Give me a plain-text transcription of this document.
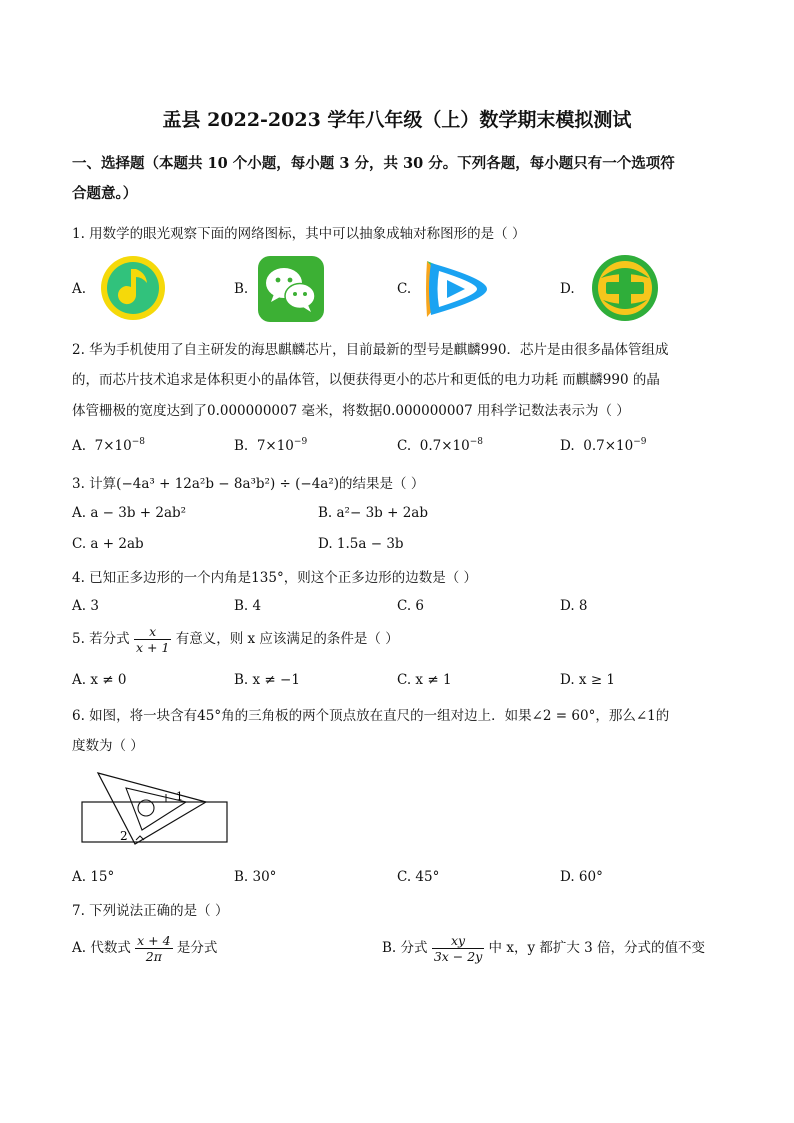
盂县 2022-2023 学年八年级（上）数学期末模拟测试
一、选择题（本题共 10 个小题，每小题 3 分，共 30 分。下列各题，每小题只有一个选项符
合题意。）
1. 用数学的眼光观察下面的网络图标，其中可以抽象成轴对称图形的是（ ）
A.	B.	C.	D.
2. 华为手机使用了自主研发的海思麒麟芯片，目前最新的型号是麒麟990．芯片是由很多晶体管组成
的，而芯片技术追求是体积更小的晶体管，以便获得更小的芯片和更低的电力功耗 而麒麟990 的晶
体管栅极的宽度达到了0.000000007 毫米，将数据0.000000007 用科学记数法表示为（ ）
A. $7\times 10^{-8}$	B. $7\times 10^{-9}$	C. $0.7\times 10^{-8}$	D. $0.7\times 10^{-9}$
3. 计算(−4a³ + 12a²b − 8a³b²) ÷ (−4a²)的结果是（ ）
A. a − 3b + 2ab²	B. a²− 3b + 2ab
C. a + 2ab	D. 1.5a − 3b
4. 已知正多边形的一个内角是135°，则这个正多边形的边数是（ ）
A. 3	B. 4	C. 6	D. 8
5. 若分式 $\frac{x}{x + 1}$ 有意义，则 x 应该满足的条件是（ ）
A. x ≠ 0	B. x ≠ −1	C. x ≠ 1	D. x ≥ 1
6. 如图，将一块含有45°角的三角板的两个顶点放在直尺的一组对边上．如果∠2 = 60°，那么∠1的
度数为（ ）
1
2
A. 15°	B. 30°	C. 45°	D. 60°
7. 下列说法正确的是（ ）
A. 代数式 $\frac{x + 4}{2\pi}$ 是分式	B. 分式 $\frac{xy}{3x - 2y}$ 中 x，y 都扩大 3 倍，分式的值不变
